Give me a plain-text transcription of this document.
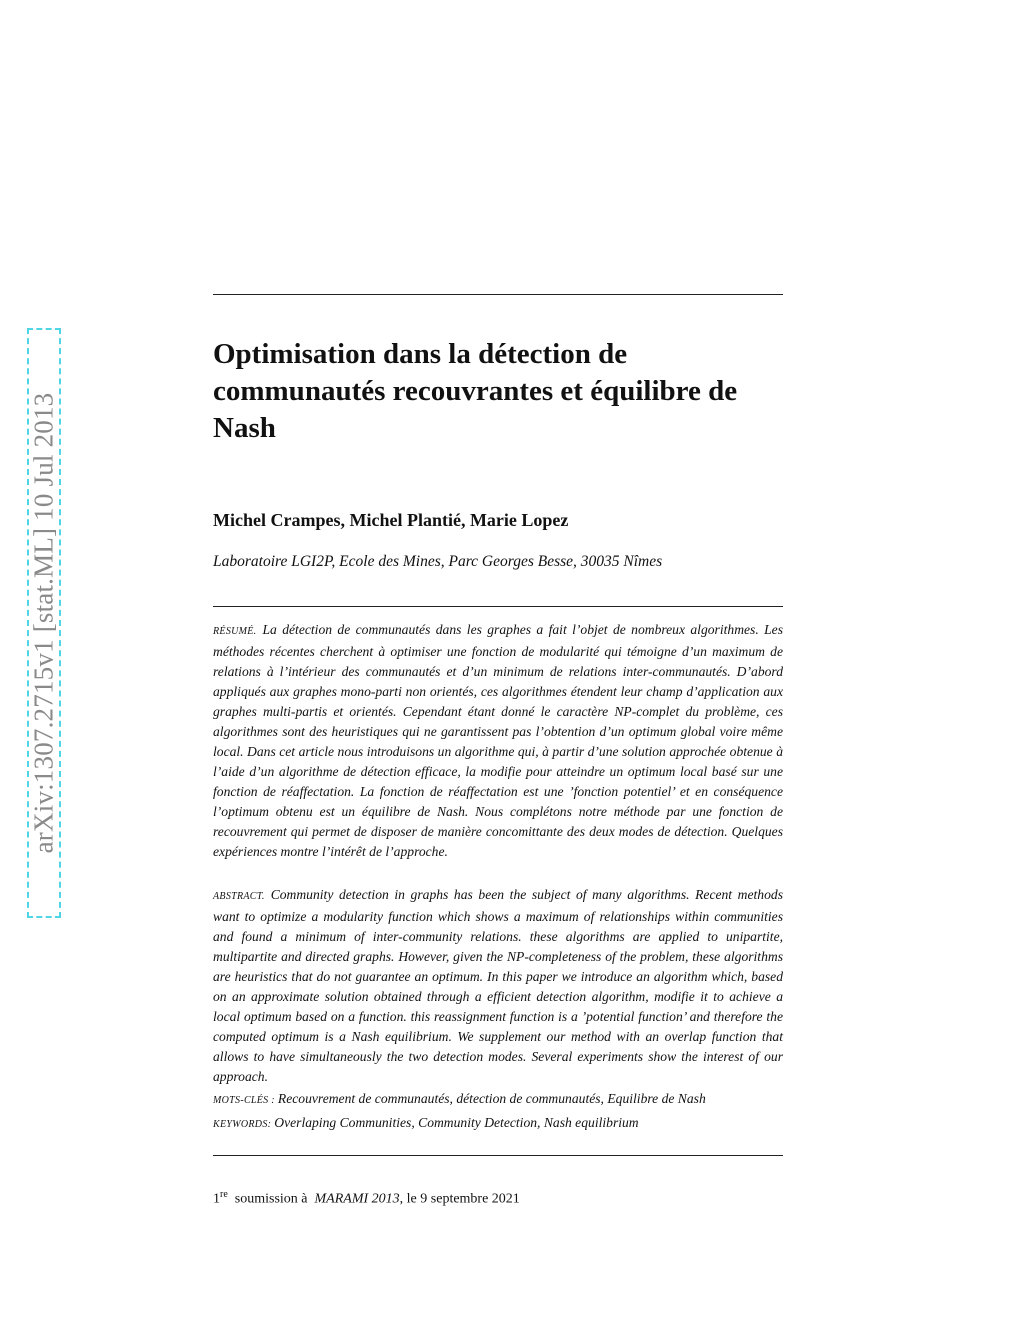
arXiv:1307.2715v1 [stat.ML] 10 Jul 2013
Optimisation dans la détection de communautés recouvrantes et équilibre de Nash
Michel Crampes, Michel Plantié, Marie Lopez
Laboratoire LGI2P, Ecole des Mines, Parc Georges Besse, 30035 Nîmes

RÉSUMÉ. La détection de communautés dans les graphes a fait l’objet de nombreux algorithmes. Les méthodes récentes cherchent à optimiser une fonction de modularité qui témoigne d’un maximum de relations à l’intérieur des communautés et d’un minimum de relations inter-communautés. D’abord appliqués aux graphes mono-parti non orientés, ces algorithmes étendent leur champ d’application aux graphes multi-partis et orientés. Cependant étant donné le caractère NP-complet du problème, ces algorithmes sont des heuristiques qui ne garantissent pas l’obtention d’un optimum global voire même local. Dans cet article nous introduisons un algorithme qui, à partir d’une solution approchée obtenue à l’aide d’un algorithme de détection efficace, la modifie pour atteindre un optimum local basé sur une fonction de réaffectation. La fonction de réaffectation est une ’fonction potentiel’ et en conséquence l’optimum obtenu est un équilibre de Nash. Nous complétons notre méthode par une fonction de recouvrement qui permet de disposer de manière concomittante des deux modes de détection. Quelques expériences montre l’intérêt de l’approche.

ABSTRACT. Community detection in graphs has been the subject of many algorithms. Recent methods want to optimize a modularity function which shows a maximum of relationships within communities and found a minimum of inter-community relations. these algorithms are applied to unipartite, multipartite and directed graphs. However, given the NP-completeness of the problem, these algorithms are heuristics that do not guarantee an optimum. In this paper we introduce an algorithm which, based on an approximate solution obtained through a efficient detection algorithm, modifie it to achieve a local optimum based on a function. this reassignment function is a ’potential function’ and therefore the computed optimum is a Nash equilibrium. We supplement our method with an overlap function that allows to have simultaneously the two detection modes. Several experiments show the interest of our approach.

MOTS-CLÉS : Recouvrement de communautés, détection de communautés, Equilibre de Nash
KEYWORDS: Overlaping Communities, Community Detection, Nash equilibrium
1re soumission à MARAMI 2013, le 9 septembre 2021
